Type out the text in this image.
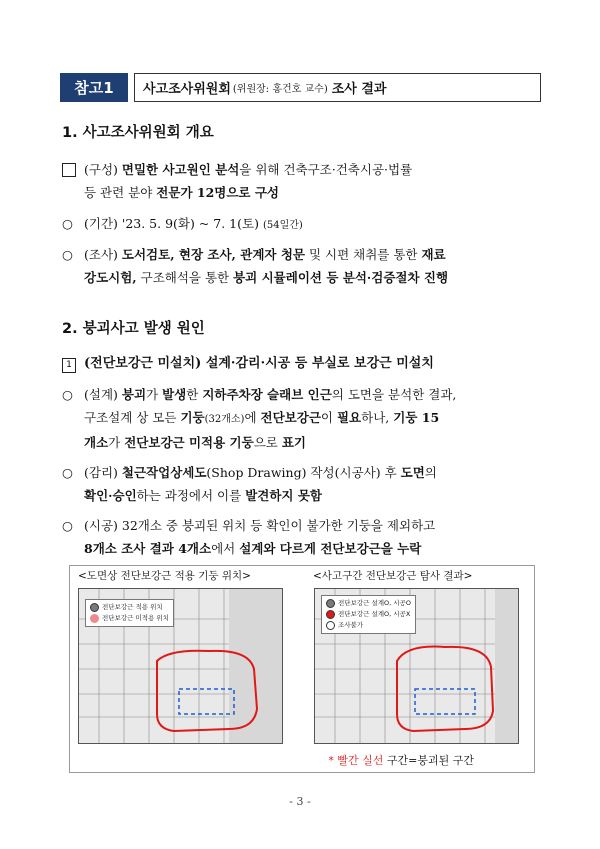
참고1	사고조사위원회 (위원장: 홍건호 교수) 조사 결과
1. 사고조사위원회 개요
(구성) 면밀한 사고원인 분석을 위해 건축구조·건축시공·법률
등 관련 분야 전문가 12명으로 구성
○ (기간) '23. 5. 9(화) ~ 7. 1(토) (54일간)
○ (조사) 도서검토, 현장 조사, 관계자 청문 및 시편 채취를 통한 재료
강도시험, 구조해석을 통한 붕괴 시뮬레이션 등 분석·검증절차 진행
2. 붕괴사고 발생 원인
1 (전단보강근 미설치) 설계·감리·시공 등 부실로 보강근 미설치
○ (설계) 붕괴가 발생한 지하주차장 슬래브 인근의 도면을 분석한 결과,
구조설계 상 모든 기둥(32개소)에 전단보강근이 필요하나, 기둥 15
개소가 전단보강근 미적용 기둥으로 표기
○ (감리) 철근작업상세도(Shop Drawing) 작성(시공사) 후 도면의
확인·승인하는 과정에서 이를 발견하지 못함
○ (시공) 32개소 중 붕괴된 위치 등 확인이 불가한 기둥을 제외하고
8개소 조사 결과 4개소에서 설계와 다르게 전단보강근을 누락
<도면상 전단보강근 적용 기둥 위치>	<사고구간 전단보강근 탐사 결과>
전단보강근 적용 위치
전단보강근 미적용 위치
전단보강근 설계O, 시공O
전단보강근 설계O, 시공X
조사불가
* 빨간 실선 구간=붕괴된 구간
- 3 -
